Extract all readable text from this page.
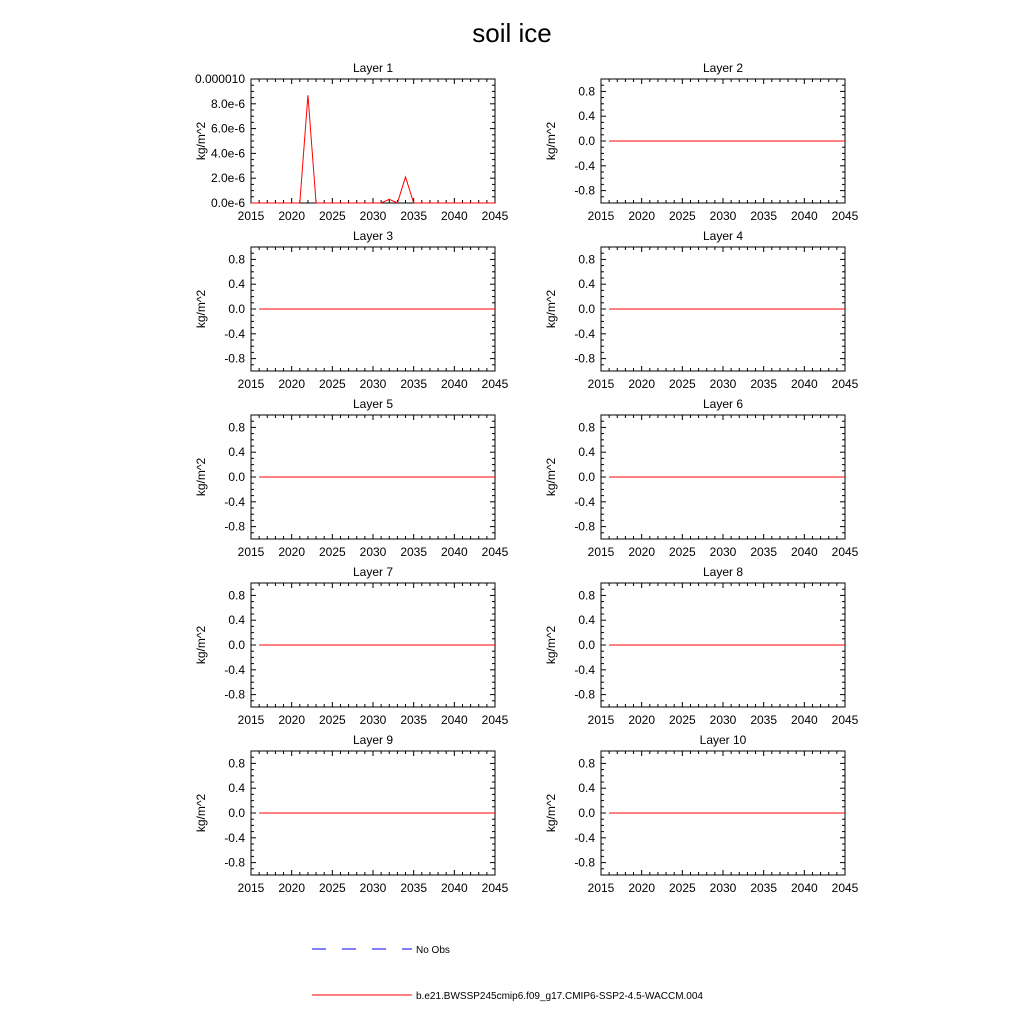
soil ice
Layer 1
kg/m^2
2015 2020 2025 2030 2035 2040 2045
0.0e-6
2.0e-6
4.0e-6
6.0e-6
8.0e-6
0.000010
Layer 2
kg/m^2
2015 2020 2025 2030 2035 2040 2045
0.8
0.4
0.0
-0.4
-0.8
Layer 3
kg/m^2
2015 2020 2025 2030 2035 2040 2045
0.8
0.4
0.0
-0.4
-0.8
Layer 4
kg/m^2
2015 2020 2025 2030 2035 2040 2045
0.8
0.4
0.0
-0.4
-0.8
Layer 5
kg/m^2
2015 2020 2025 2030 2035 2040 2045
0.8
0.4
0.0
-0.4
-0.8
Layer 6
kg/m^2
2015 2020 2025 2030 2035 2040 2045
0.8
0.4
0.0
-0.4
-0.8
Layer 7
kg/m^2
2015 2020 2025 2030 2035 2040 2045
0.8
0.4
0.0
-0.4
-0.8
Layer 8
kg/m^2
2015 2020 2025 2030 2035 2040 2045
0.8
0.4
0.0
-0.4
-0.8
Layer 9
kg/m^2
2015 2020 2025 2030 2035 2040 2045
0.8
0.4
0.0
-0.4
-0.8
Layer 10
kg/m^2
2015 2020 2025 2030 2035 2040 2045
0.8
0.4
0.0
-0.4
-0.8
No Obs
b.e21.BWSSP245cmip6.f09_g17.CMIP6-SSP2-4.5-WACCM.004
